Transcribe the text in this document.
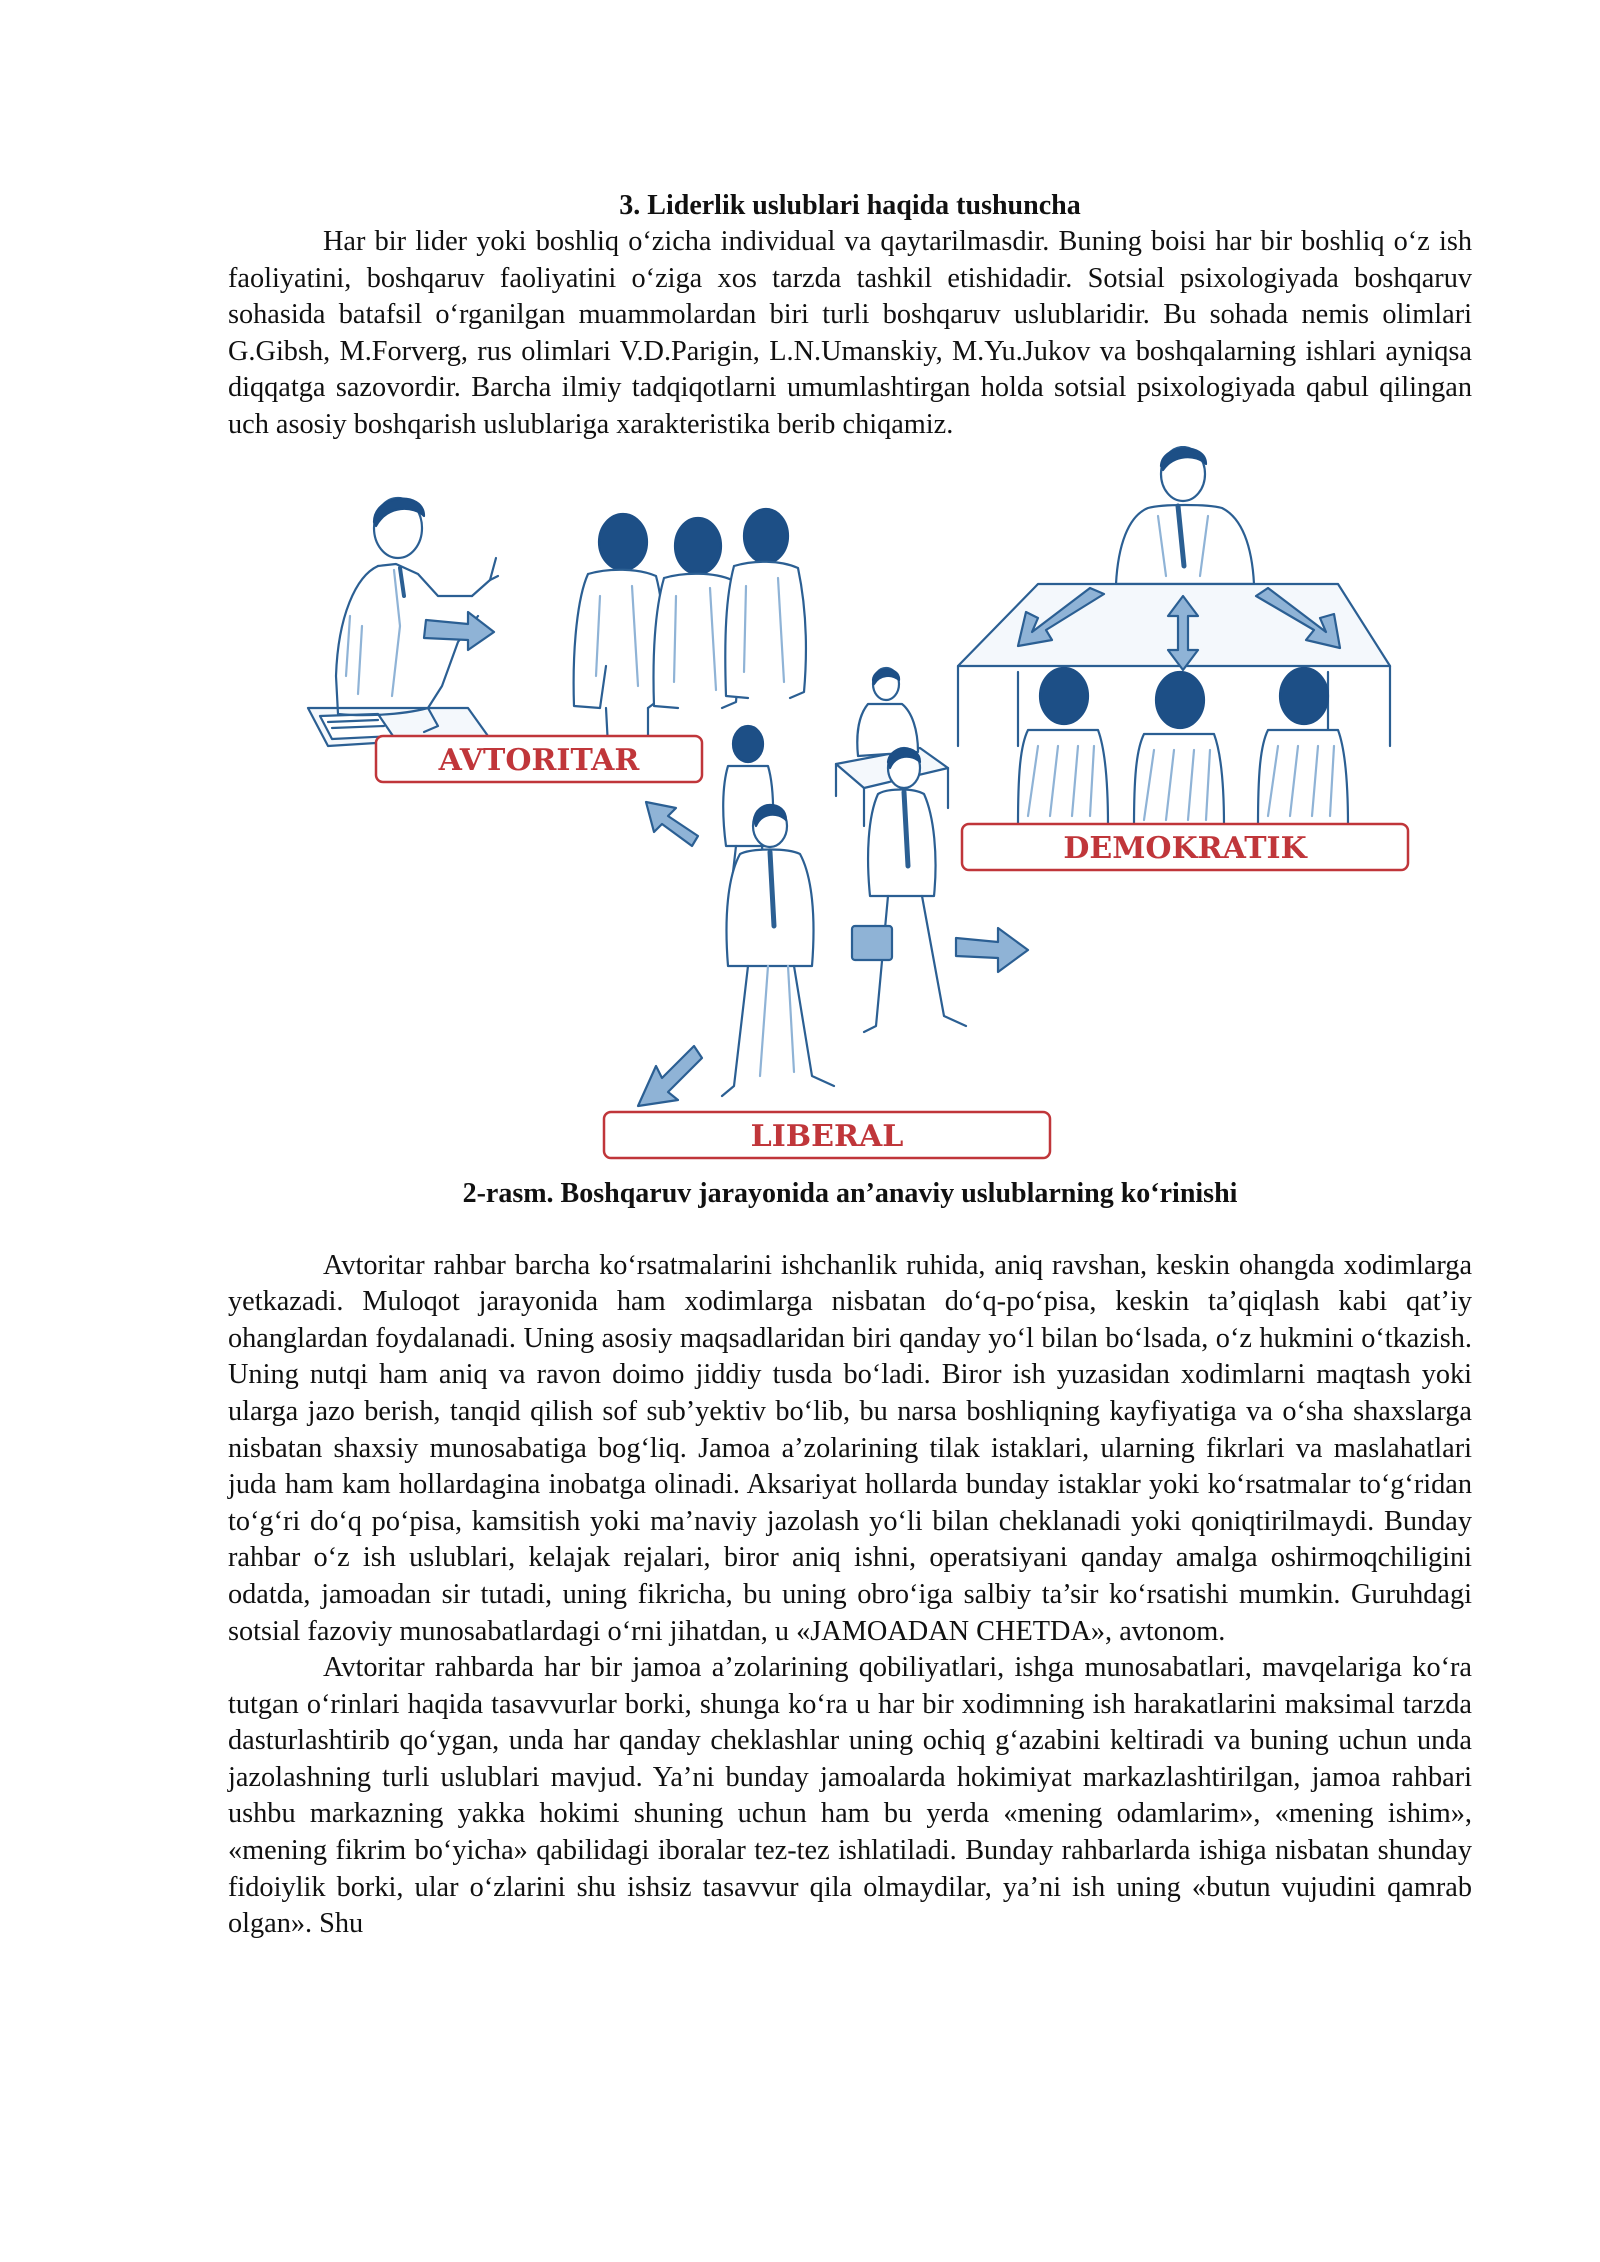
3. Liderlik uslublari haqida tushuncha

Har bir lider yoki boshliq oʻzicha individual va qaytarilmasdir. Buning boisi har bir boshliq oʻz ish faoliyatini, boshqaruv faoliyatini oʻziga xos tarzda tashkil etishidadir. Sotsial psixologiyada boshqaruv sohasida batafsil oʻrganilgan muammolardan biri turli boshqaruv uslublaridir. Bu sohada nemis olimlari G.Gibsh, M.Forverg, rus olimlari V.D.Parigin, L.N.Umanskiy, M.Yu.Jukov va boshqalarning ishlari ayniqsa diqqatga sazovordir. Barcha ilmiy tadqiqotlarni umumlashtirgan holda sotsial psixologiyada qabul qilingan uch asosiy boshqarish uslublariga xarakteristika berib chiqamiz.

AVTORITAR
DEMOKRATIK
LIBERAL
2-rasm. Boshqaruv jarayonida an’anaviy uslublarning koʻrinishi

Avtoritar rahbar barcha koʻrsatmalarini ishchanlik ruhida, aniq ravshan, keskin ohangda xodimlarga yetkazadi. Muloqot jarayonida ham xodimlarga nisbatan doʻq-poʻpisa, keskin ta’qiqlash kabi qat’iy ohanglardan foydalanadi. Uning asosiy maqsadlaridan biri qanday yoʻl bilan boʻlsada, oʻz hukmini oʻtkazish. Uning nutqi ham aniq va ravon doimo jiddiy tusda boʻladi. Biror ish yuzasidan xodimlarni maqtash yoki ularga jazo berish, tanqid qilish sof sub’yektiv boʻlib, bu narsa boshliqning kayfiyatiga va oʻsha shaxslarga nisbatan shaxsiy munosabatiga bogʻliq. Jamoa a’zolarining tilak istaklari, ularning fikrlari va maslahatlari juda ham kam hollardagina inobatga olinadi. Aksariyat hollarda bunday istaklar yoki koʻrsatmalar toʻgʻridan toʻgʻri doʻq poʻpisa, kamsitish yoki ma’naviy jazolash yoʻli bilan cheklanadi yoki qoniqtirilmaydi. Bunday rahbar oʻz ish uslublari, kelajak rejalari, biror aniq ishni, operatsiyani qanday amalga oshirmoqchiligini odatda, jamoadan sir tutadi, uning fikricha, bu uning obroʻiga salbiy ta’sir koʻrsatishi mumkin. Guruhdagi sotsial fazoviy munosabatlardagi oʻrni jihatdan, u «JAMOADAN CHETDA», avtonom.

Avtoritar rahbarda har bir jamoa a’zolarining qobiliyatlari, ishga munosabatlari, mavqelariga koʻra tutgan oʻrinlari haqida tasavvurlar borki, shunga koʻra u har bir xodimning ish harakatlarini maksimal tarzda dasturlashtirib qoʻygan, unda har qanday cheklashlar uning ochiq gʻazabini keltiradi va buning uchun unda jazolashning turli uslublari mavjud. Ya’ni bunday jamoalarda hokimiyat markazlashtirilgan, jamoa rahbari ushbu markazning yakka hokimi shuning uchun ham bu yerda «mening odamlarim», «mening ishim», «mening fikrim boʻyicha» qabilidagi iboralar tez-tez ishlatiladi. Bunday rahbarlarda ishiga nisbatan shunday fidoiylik borki, ular oʻzlarini shu ishsiz tasavvur qila olmaydilar, ya’ni ish uning «butun vujudini qamrab olgan». Shu
